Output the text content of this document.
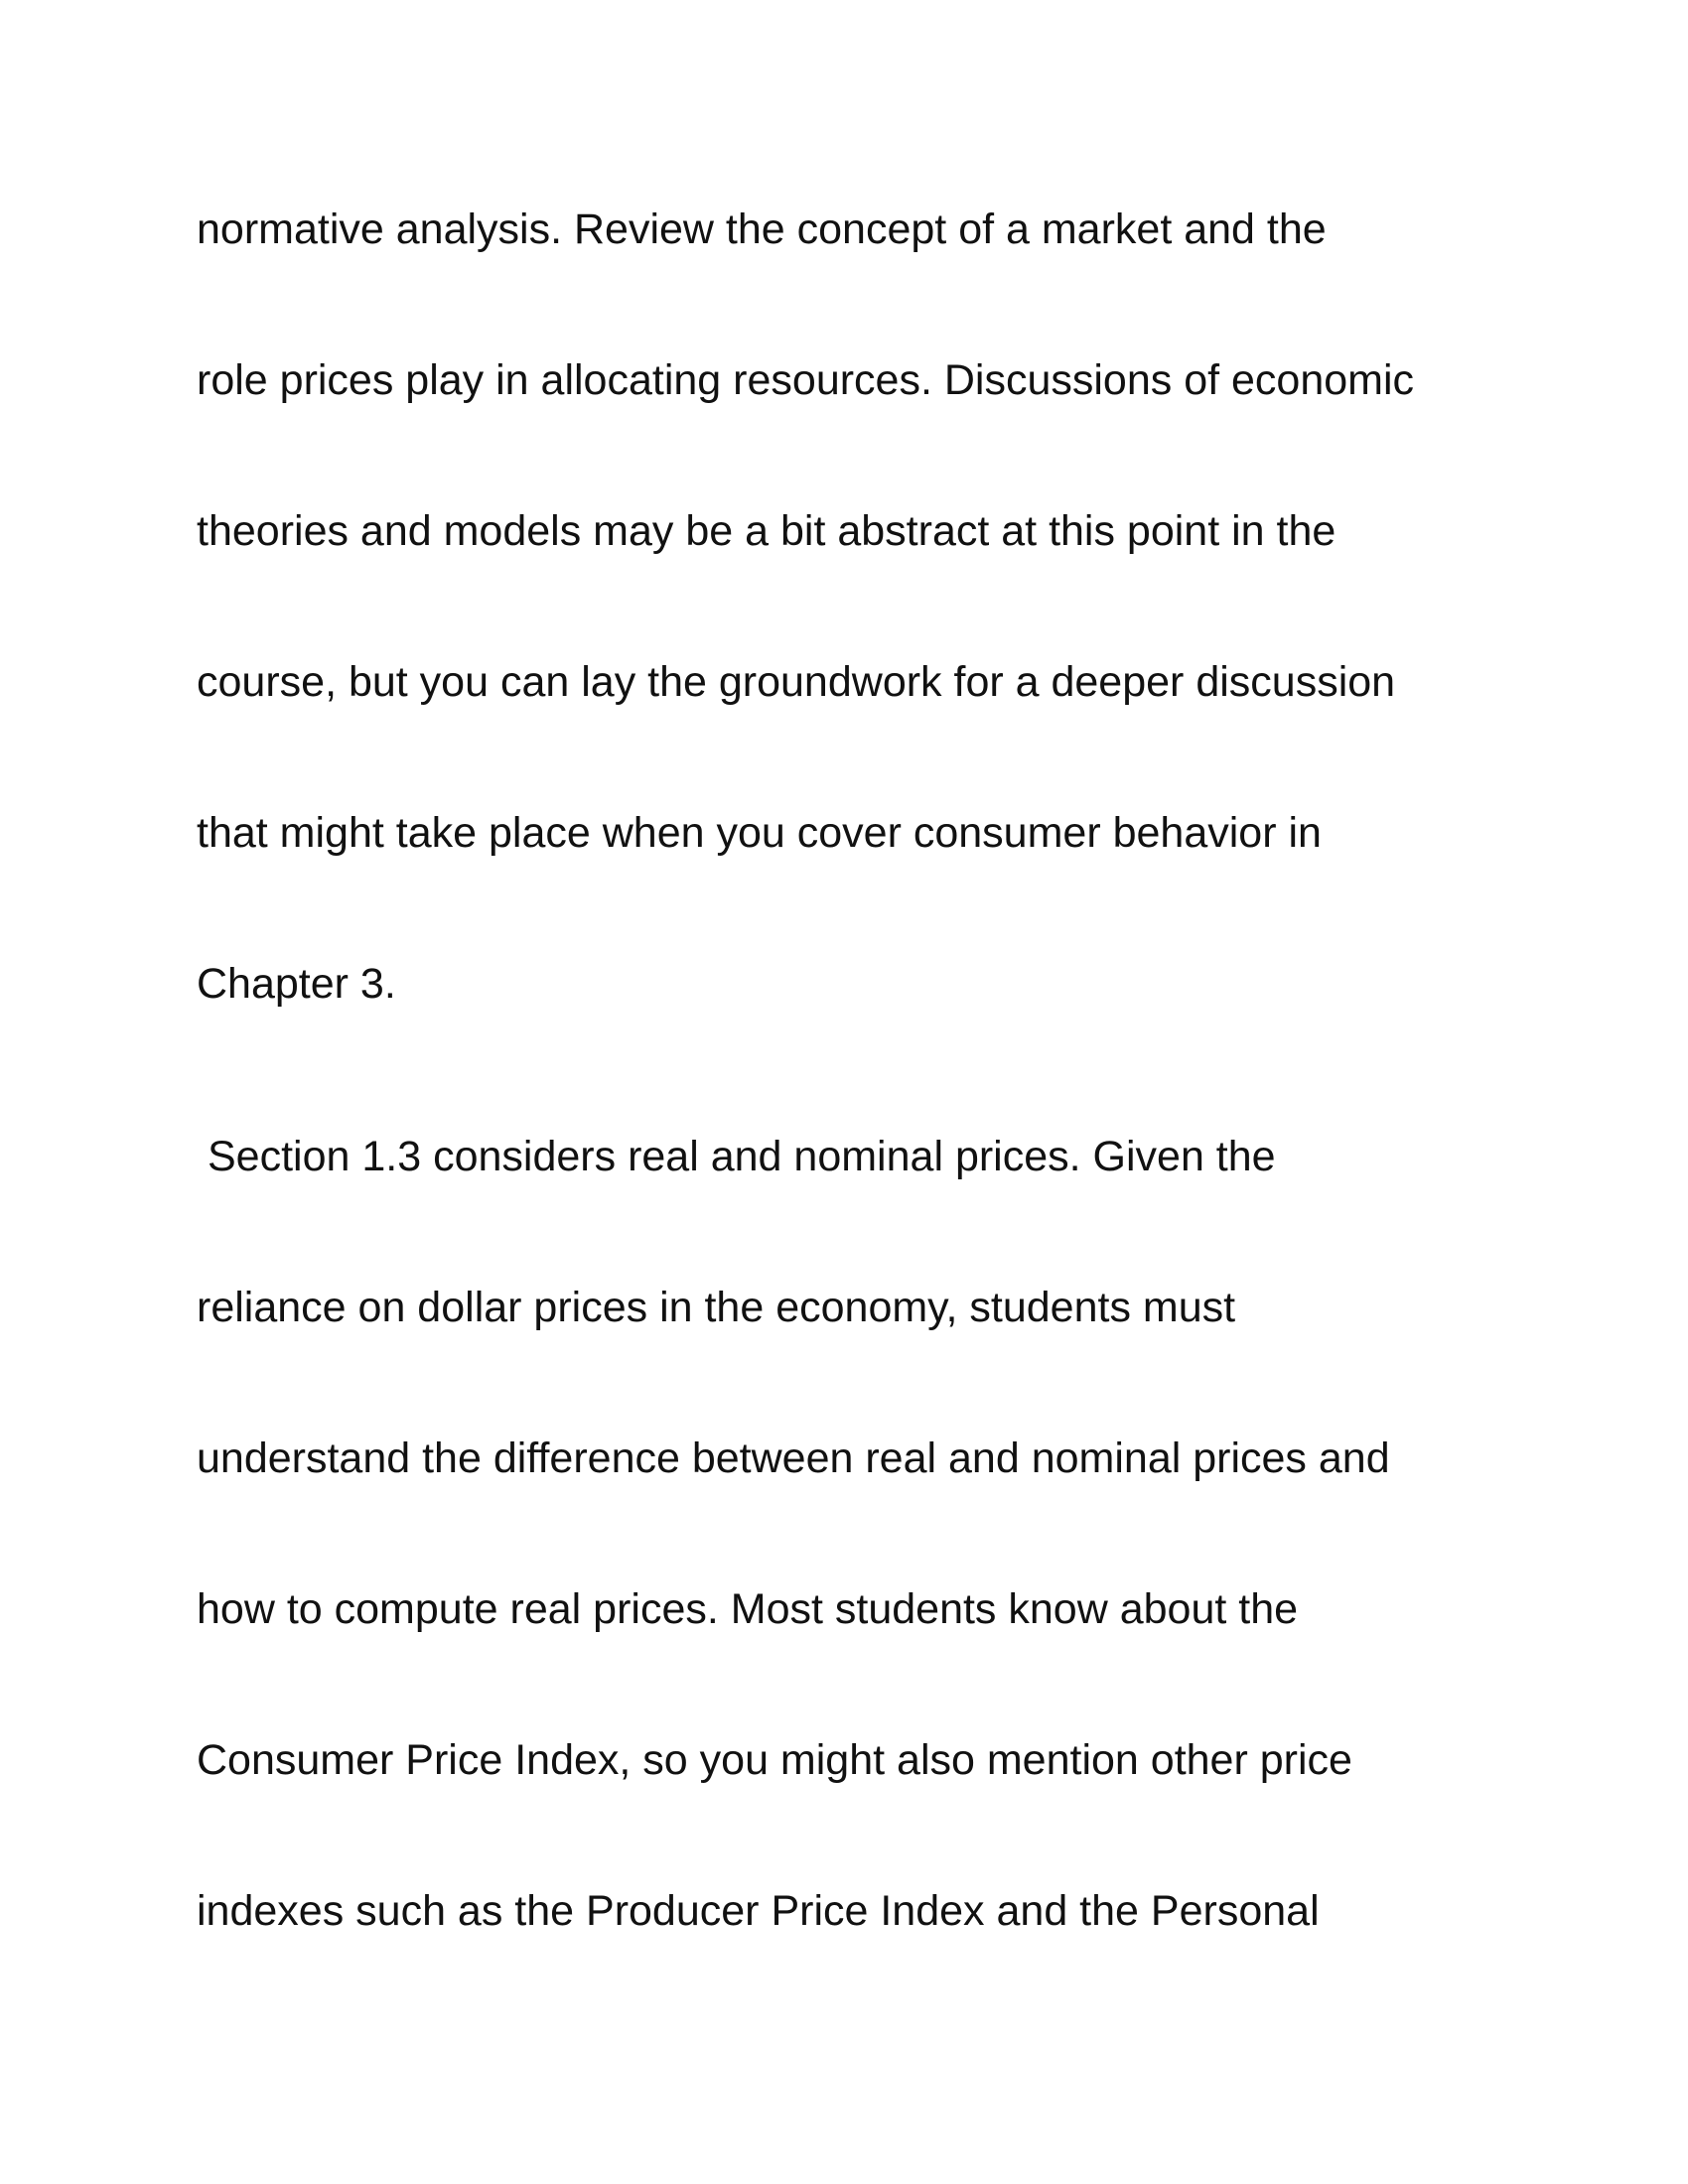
normative analysis. Review the concept of a market and the
role prices play in allocating resources. Discussions of economic
theories and models may be a bit abstract at this point in the
course, but you can lay the groundwork for a deeper discussion
that might take place when you cover consumer behavior in
Chapter 3.
Section 1.3 considers real and nominal prices. Given the
reliance on dollar prices in the economy, students must
understand the difference between real and nominal prices and
how to compute real prices. Most students know about the
Consumer Price Index, so you might also mention other price
indexes such as the Producer Price Index and the Personal
